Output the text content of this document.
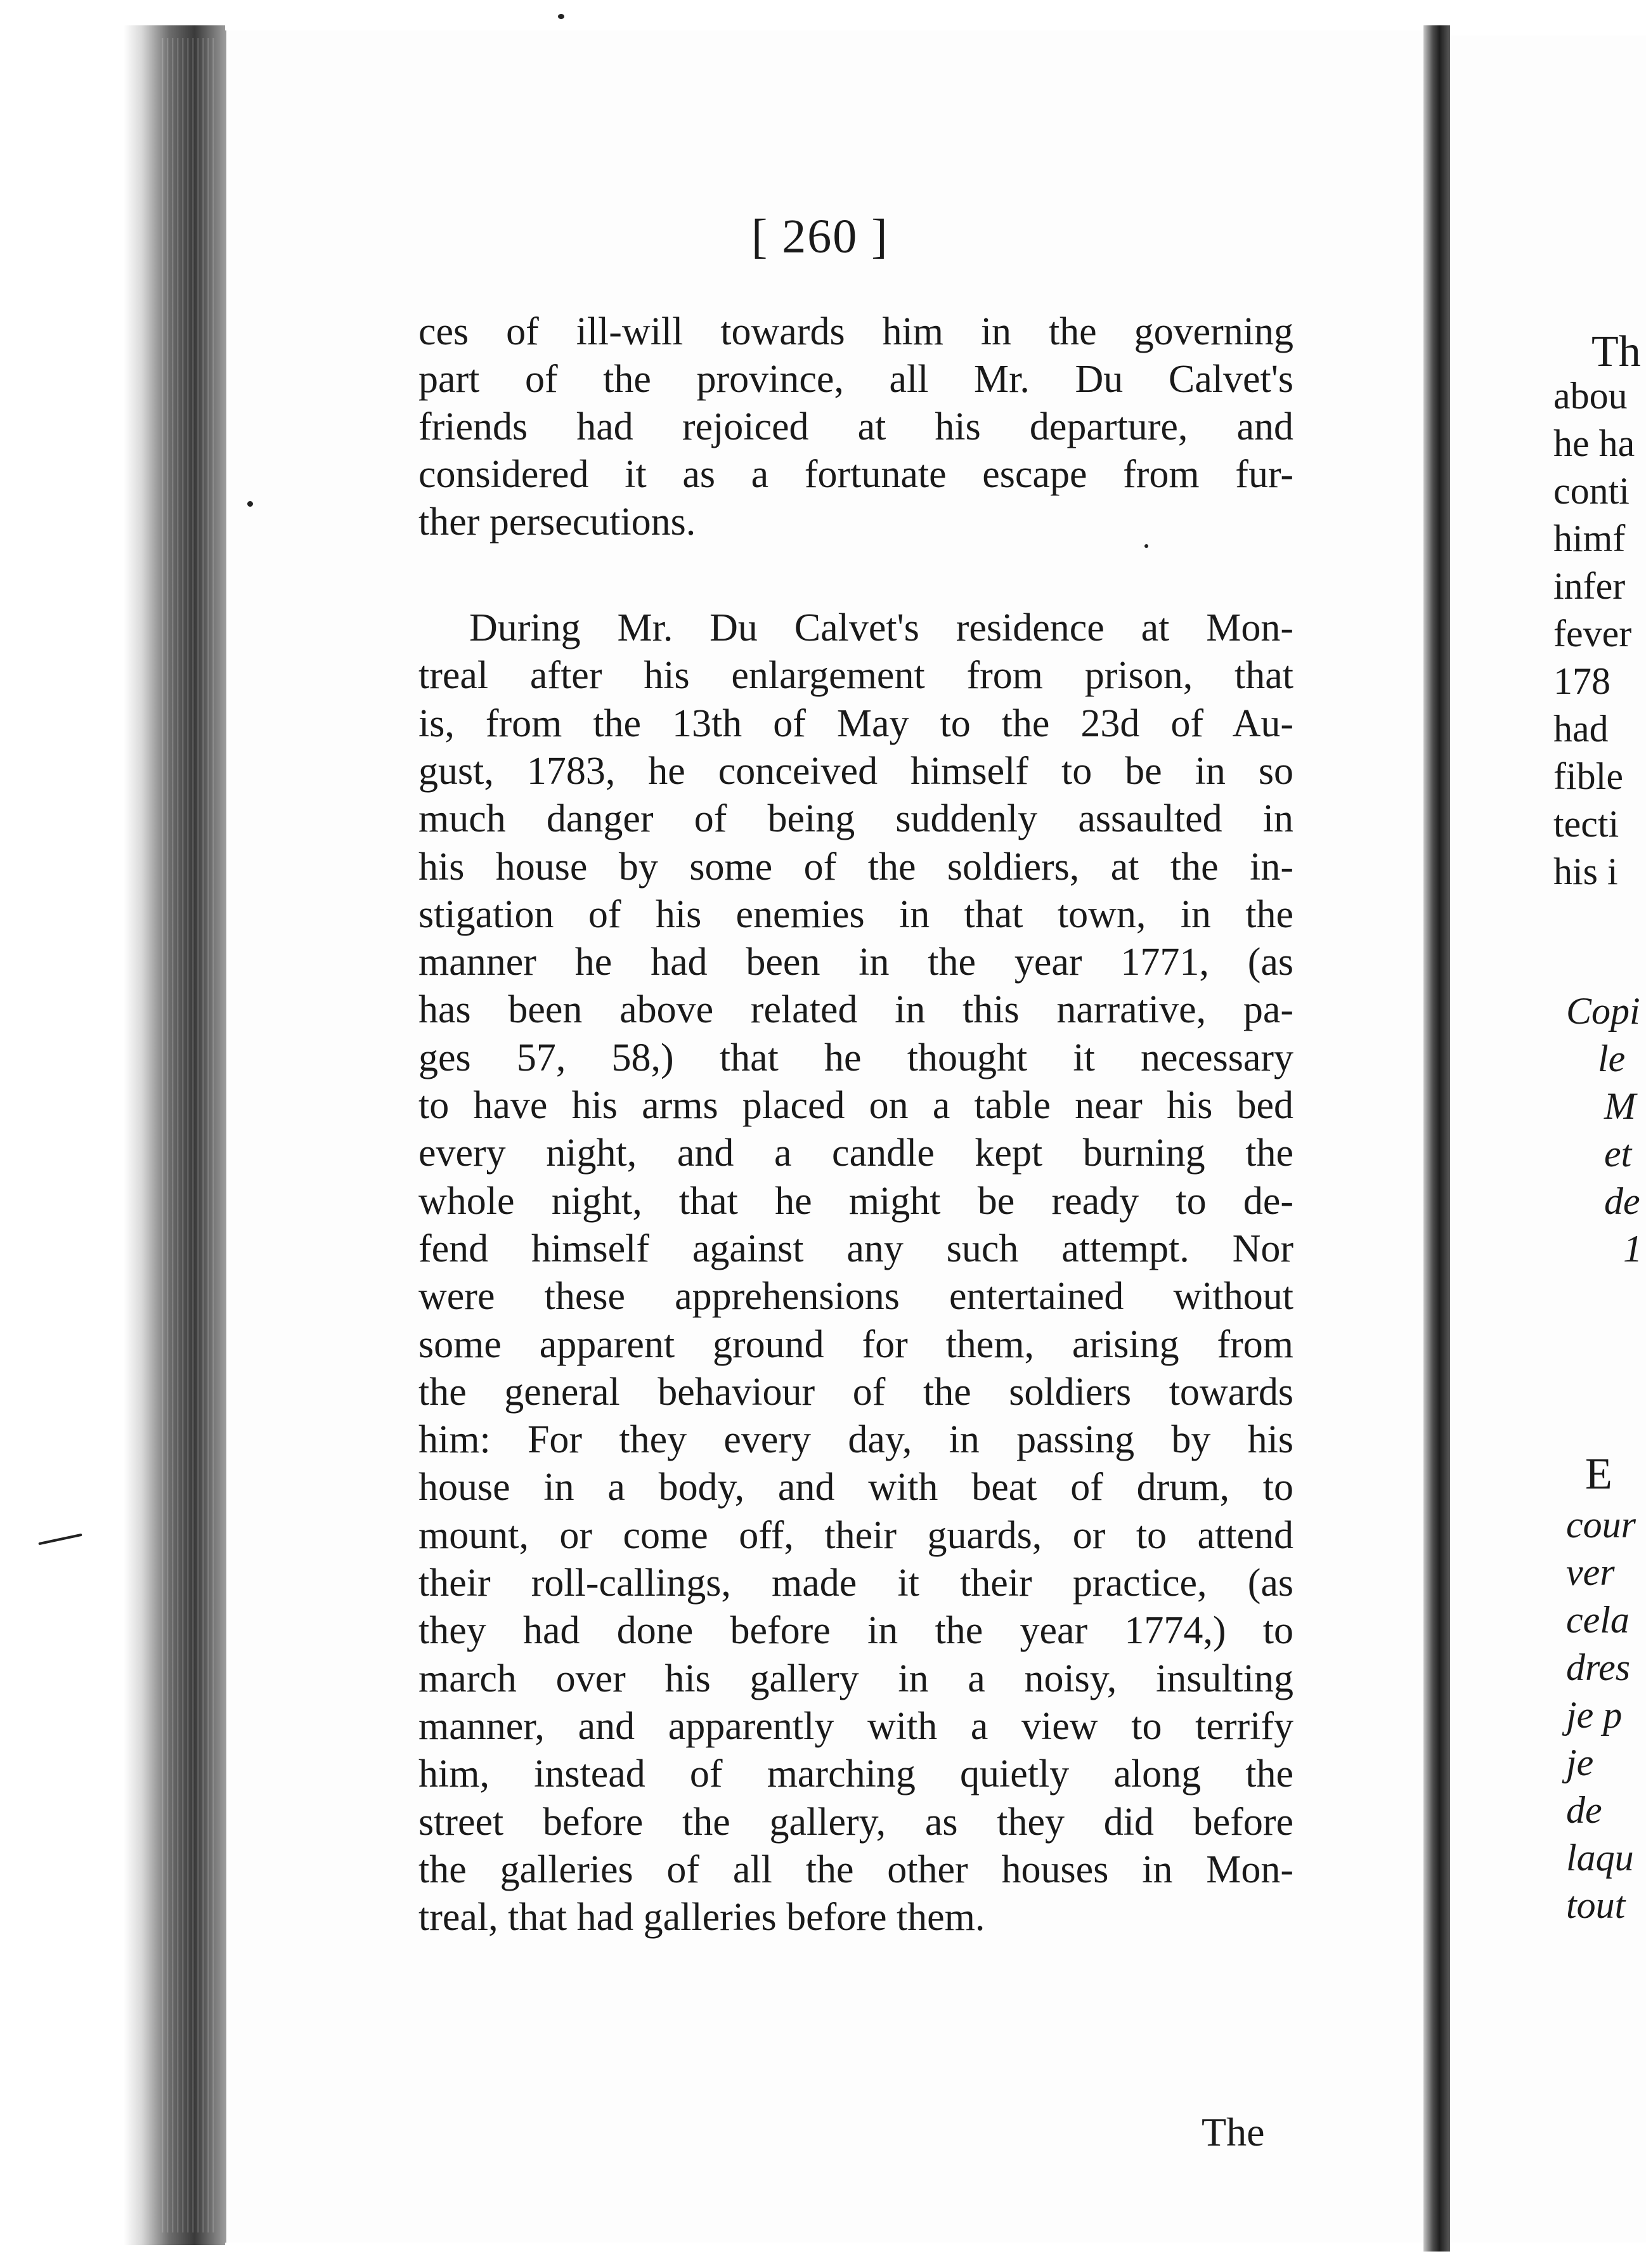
[ 260 ]
ces of ill-will towards him in the governing
part of the province, all Mr. Du Calvet's
friends had rejoiced at his departure, and
considered it as a fortunate escape from fur-
ther persecutions.
During Mr. Du Calvet's residence at Mon-
treal after his enlargement from prison, that
is, from the 13th of May to the 23d of Au-
gust, 1783, he conceived himself to be in so
much danger of being suddenly assaulted in
his house by some of the soldiers, at the in-
stigation of his enemies in that town, in the
manner he had been in the year 1771, (as
has been above related in this narrative, pa-
ges 57, 58,) that he thought it necessary
to have his arms placed on a table near his bed
every night, and a candle kept burning the
whole night, that he might be ready to de-
fend himself against any such attempt. Nor
were these apprehensions entertained without
some apparent ground for them, arising from
the general behaviour of the soldiers towards
him: For they every day, in passing by his
house in a body, and with beat of drum, to
mount, or come off, their guards, or to attend
their roll-callings, made it their practice, (as
they had done before in the year 1774,) to
march over his gallery in a noisy, insulting
manner, and apparently with a view to terrify
him, instead of marching quietly along the
street before the gallery, as they did before
the galleries of all the other houses in Mon-
treal, that had galleries before them.
The
Th
abou
he ha
conti
himf
infer
fever
178
had
fible
tecti
his i
Copi
le
M
et
de
1
E
cour
ver
cela
dres
je p
je
de
laqu
tout
